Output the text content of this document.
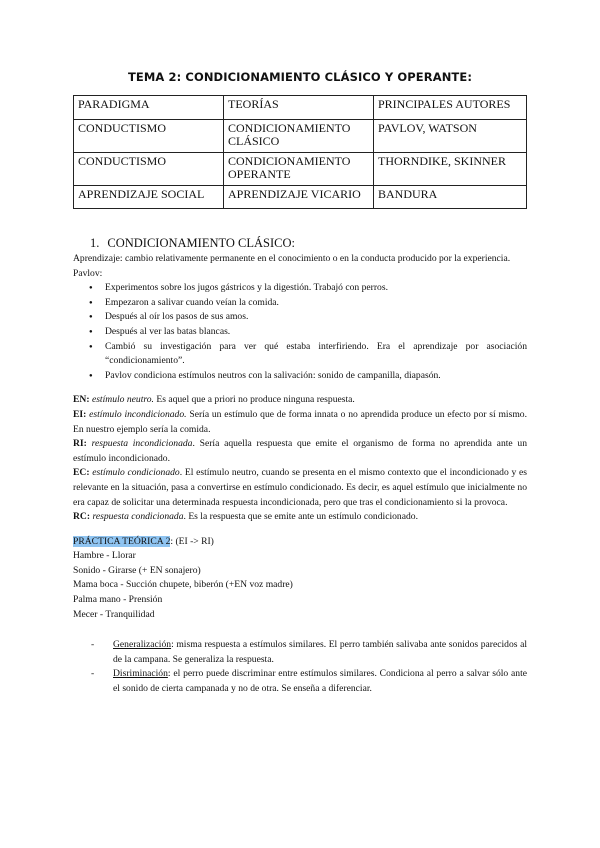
TEMA 2: CONDICIONAMIENTO CLÁSICO Y OPERANTE:
PARADIGMA	TEORÍAS	PRINCIPALES AUTORES
CONDUCTISMO	CONDICIONAMIENTO CLÁSICO	PAVLOV, WATSON
CONDUCTISMO	CONDICIONAMIENTO OPERANTE	THORNDIKE, SKINNER
APRENDIZAJE SOCIAL	APRENDIZAJE VICARIO	BANDURA
1. CONDICIONAMIENTO CLÁSICO:

Aprendizaje: cambio relativamente permanente en el conocimiento o en la conducta producido por la experiencia.

Pavlov:

● Experimentos sobre los jugos gástricos y la digestión. Trabajó con perros.
● Empezaron a salivar cuando veían la comida.
● Después al oír los pasos de sus amos.
● Después al ver las batas blancas.
● Cambió su investigación para ver qué estaba interfiriendo. Era el aprendizaje por asociación “condicionamiento”.
● Pavlov condiciona estímulos neutros con la salivación: sonido de campanilla, diapasón.

EN: estímulo neutro. Es aquel que a priori no produce ninguna respuesta.

EI: estímulo incondicionado. Sería un estímulo que de forma innata o no aprendida produce un efecto por sí mismo. En nuestro ejemplo sería la comida.

RI: respuesta incondicionada. Sería aquella respuesta que emite el organismo de forma no aprendida ante un estímulo incondicionado.

EC: estímulo condicionado. El estímulo neutro, cuando se presenta en el mismo contexto que el incondicionado y es relevante en la situación, pasa a convertirse en estímulo condicionado. Es decir, es aquel estímulo que inicialmente no era capaz de solicitar una determinada respuesta incondicionada, pero que tras el condicionamiento si la provoca.

RC: respuesta condicionada. Es la respuesta que se emite ante un estímulo condicionado.

PRÁCTICA TEÓRICA 2: (EI -> RI)

Hambre - Llorar

Sonido - Girarse (+ EN sonajero)

Mama boca - Succión chupete, biberón (+EN voz madre)

Palma mano - Prensión

Mecer - Tranquilidad

- Generalización: misma respuesta a estímulos similares. El perro también salivaba ante sonidos parecidos al de la campana. Se generaliza la respuesta.
- Disriminación: el perro puede discriminar entre estímulos similares. Condiciona al perro a salvar sólo ante el sonido de cierta campanada y no de otra. Se enseña a diferenciar.
